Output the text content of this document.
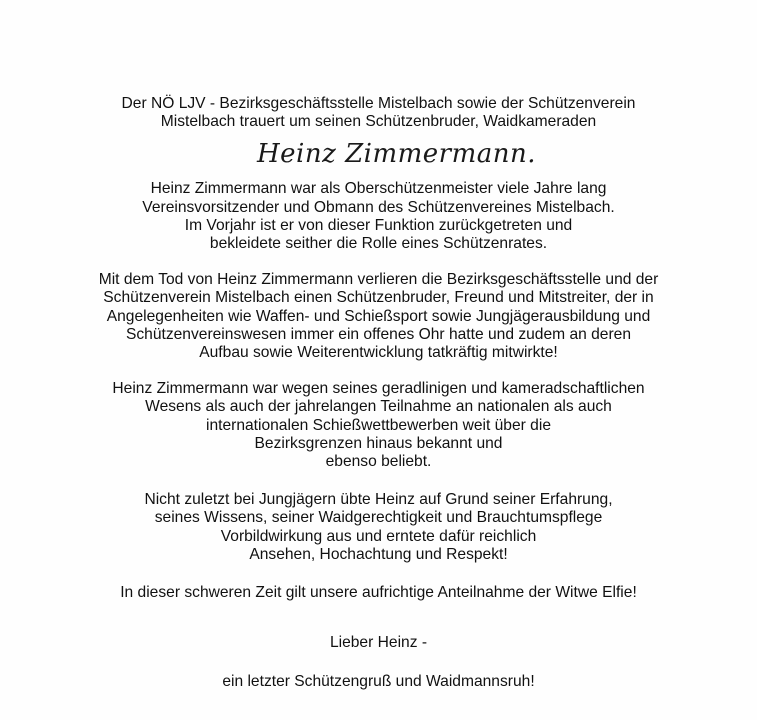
Der NÖ LJV - Bezirksgeschäftsstelle Mistelbach sowie der Schützenverein
Mistelbach trauert um seinen Schützenbruder, Waidkameraden

Heinz Zimmermann.

Heinz Zimmermann war als Oberschützenmeister viele Jahre lang
Vereinsvorsitzender und Obmann des Schützenvereines Mistelbach.
Im Vorjahr ist er von dieser Funktion zurückgetreten und
bekleidete seither die Rolle eines Schützenrates.

Mit dem Tod von Heinz Zimmermann verlieren die Bezirksgeschäftsstelle und der
Schützenverein Mistelbach einen Schützenbruder, Freund und Mitstreiter, der in
Angelegenheiten wie Waffen- und Schießsport sowie Jungjägerausbildung und
Schützenvereinswesen immer ein offenes Ohr hatte und zudem an deren
Aufbau sowie Weiterentwicklung tatkräftig mitwirkte!

Heinz Zimmermann war wegen seines geradlinigen und kameradschaftlichen
Wesens als auch der jahrelangen Teilnahme an nationalen als auch
internationalen Schießwettbewerben weit über die
Bezirksgrenzen hinaus bekannt und
ebenso beliebt.

Nicht zuletzt bei Jungjägern übte Heinz auf Grund seiner Erfahrung,
seines Wissens, seiner Waidgerechtigkeit und Brauchtumspflege
Vorbildwirkung aus und erntete dafür reichlich
Ansehen, Hochachtung und Respekt!

In dieser schweren Zeit gilt unsere aufrichtige Anteilnahme der Witwe Elfie!

Lieber Heinz -

ein letzter Schützengruß und Waidmannsruh!
